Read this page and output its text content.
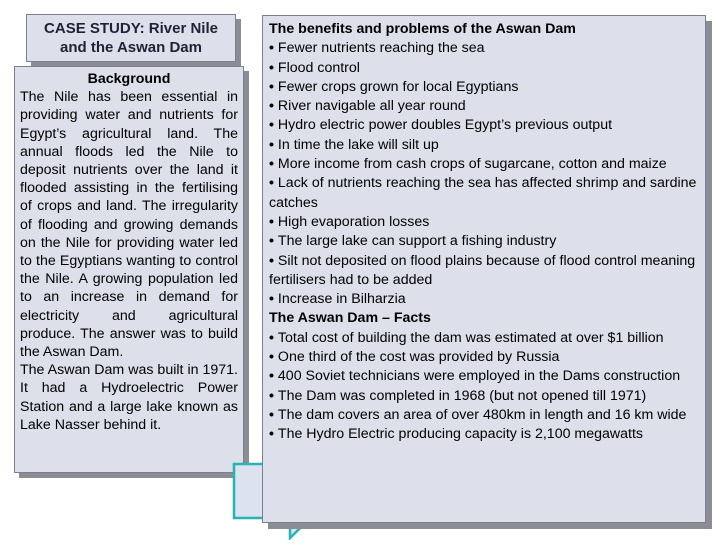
CASE STUDY: River Nile
and the Aswan Dam

Background

The Nile has been essential in providing water and nutrients for Egypt’s agricultural land. The annual floods led the Nile to deposit nutrients over the land it flooded assisting in the fertilising of crops and land. The irregularity of flooding and growing demands on the Nile for providing water led to the Egyptians wanting to control the Nile. A growing population led to an increase in demand for electricity and agricultural produce. The answer was to build the Aswan Dam.

The Aswan Dam was built in 1971. It had a Hydroelectric Power Station and a large lake known as Lake Nasser behind it.

The benefits and problems of the Aswan Dam

• Fewer nutrients reaching the sea

• Flood control

• Fewer crops grown for local Egyptians

• River navigable all year round

• Hydro electric power doubles Egypt’s previous output

• In time the lake will silt up

• More income from cash crops of sugarcane, cotton and maize

• Lack of nutrients reaching the sea has affected shrimp and sardine catches

• High evaporation losses

• The large lake can support a fishing industry

• Silt not deposited on flood plains because of flood control meaning fertilisers had to be added

• Increase in Bilharzia

The Aswan Dam – Facts

• Total cost of building the dam was estimated at over $1 billion

• One third of the cost was provided by Russia

• 400 Soviet technicians were employed in the Dams construction

• The Dam was completed in 1968 (but not opened till 1971)

• The dam covers an area of over 480km in length and 16 km wide

• The Hydro Electric producing capacity is 2,100 megawatts
